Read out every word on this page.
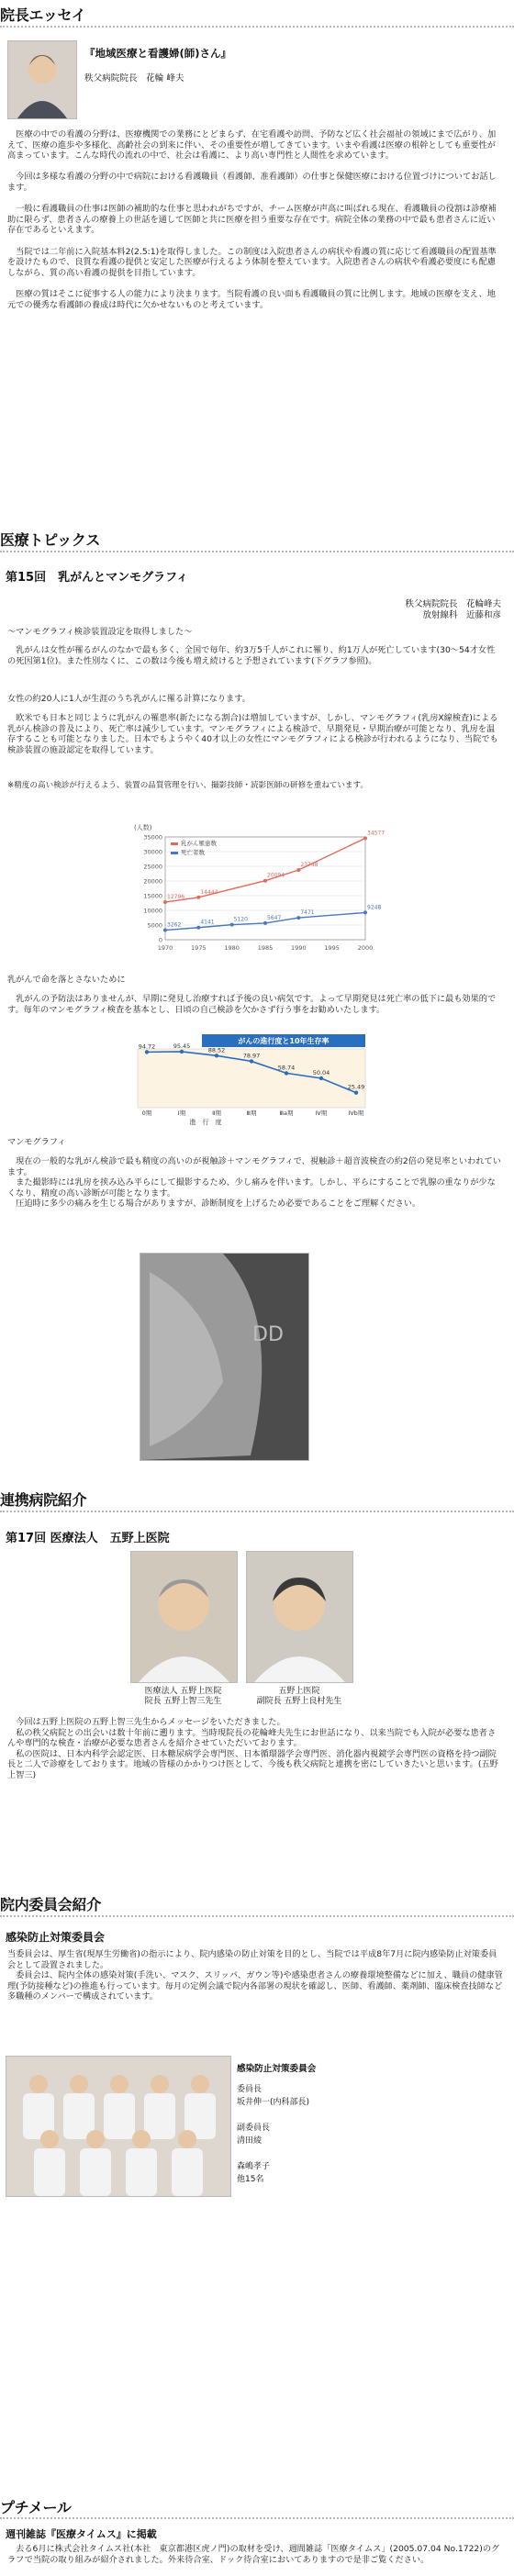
院長エッセイ
『地域医療と看護婦(師)さん』
秩父病院院長　花輪 峰夫
　医療の中での看護の分野は、医療機関での業務にとどまらず、在宅看護や訪問、予防など広く社会福祉の領域にまで広がり、加えて、医療の進歩や多様化、高齢社会の到来に伴い、その重要性が増してきています。いまや看護は医療の根幹としても重要性が高まっています。こんな時代の流れの中で、社会は看護に、より高い専門性と人間性を求めています。

　今回は多様な看護の分野の中で病院における看護職員（看護師、准看護師）の仕事と保健医療における位置づけについてお話します。

　一般に看護職員の仕事は医師の補助的な仕事と思われがちですが、チーム医療が声高に叫ばれる現在、看護職員の役割は診療補助に限らず、患者さんの療養上の世話を通して医師と共に医療を担う重要な存在です。病院全体の業務の中で最も患者さんに近い存在であるといえます。

　当院では二年前に入院基本料2(2.5:1)を取得しました。この制度は入院患者さんの病状や看護の質に応じて看護職員の配置基準を設けたもので、良質な看護の提供と安定した医療が行えるよう体制を整えています。入院患者さんの病状や看護必要度にも配慮しながら、質の高い看護の提供を目指しています。

　医療の質はそこに従事する人の能力により決まります。当院看護の良い面も看護職員の質に比例します。地域の医療を支え、地元での優秀な看護師の養成は時代に欠かせないものと考えています。
医療トピックス
第15回　乳がんとマンモグラフィ
秩父病院院長　花輪峰夫
放射線科　近藤和彦
～マンモグラフィ検診装置設定を取得しました～
　乳がんは女性が罹るがんのなかで最も多く、全国で毎年、約3万5千人がこれに罹り、約1万人が死亡しています(30～54才女性の死因第1位)。また性別なくに、この数は今後も増え続けると予想されています(下グラフ参照)。
女性の約20人に1人が生涯のうち乳がんに罹る計算になります。
　欧米でも日本と同じように乳がんの罹患率(新たになる割合)は増加していますが、しかし、マンモグラフィ(乳房X線検査)による乳がん検診の普及により、死亡率は減少しています。マンモグラフィによる検診で、早期発見・早期治療が可能となり、乳房を温存することも可能となりました。日本でもようやく40才以上の女性にマンモグラフィによる検診が行われるようになり、当院でも検診装置の施設認定を取得しています。
※精度の高い検診が行えるよう、装置の品質管理を行い、撮影技師・読影医師の研修を重ねています。
(人数)
0
5000
10000
15000
20000
25000
30000
35000
1970	1975	1980	1985	1990	1995	2000
12796
14444
20094
23748
34577
乳がん罹患数
3262	4141	5120	5647
7471
9248
死亡者数
乳がんで命を落とさないために
　乳がんの予防法はありませんが、早期に発見し治療すれば予後の良い病気です。よって早期発見は死亡率の低下に最も効果的です。毎年のマンモグラフィ検査を基本とし、日頃の自己検診を欠かさず行う事をお勧めいたします。
がんの進行度と10年生存率
94.72	95.45
88.52
78.97
58.74
50.04
25.49
0期	Ⅰ期	Ⅱ期	Ⅲ期	Ⅲa期	Ⅳ期	Ⅳb期
進　行　度
マンモグラフィ
　現在の一般的な乳がん検診で最も精度の高いのが視触診＋マンモグラフィで、視触診＋超音波検査の約2倍の発見率といわれています。
　また撮影時には乳房を挟み込み平らにして撮影するため、少し痛みを伴います。しかし、平らにすることで乳腺の重なりが少なくなり、精度の高い診断が可能となります。
　圧迫時に多少の痛みを生じる場合がありますが、診断制度を上げるため必要であることをご理解ください。
DD
連携病院紹介
第17回 医療法人　五野上医院
医療法人 五野上医院
院長 五野上智三先生
五野上医院
副院長 五野上良村先生
　今回は五野上医院の五野上智三先生からメッセージをいただきました。
　私の秩父病院との出会いは数十年前に遡ります。当時現院長の花輪峰夫先生にお世話になり、以来当院でも入院が必要な患者さんや専門的な検査・治療が必要な患者さんを紹介させていただいております。
　私の医院は、日本内科学会認定医、日本糖尿病学会専門医、日本循環器学会専門医、消化器内視鏡学会専門医の資格を持つ副院長と二人で診療をしております。地域の皆様のかかりつけ医として、今後も秩父病院と連携を密にしていきたいと思います。(五野上智三)
院内委員会紹介
感染防止対策委員会
当委員会は、厚生省(現厚生労働省)の指示により、院内感染の防止対策を目的とし、当院では平成8年7月に院内感染防止対策委員会として設置されました。
　委員会は、院内全体の感染対策(手洗い、マスク、スリッパ、ガウン等)や感染患者さんの療養環境整備などに加え、職員の健康管理(予防接種など)の推進も行っています。毎月の定例会議で院内各部署の現状を確認し、医師、看護師、薬剤師、臨床検査技師など多職種のメンバーで構成されています。
感染防止対策委員会
委員長
坂井伸一(内科部長)

副委員長
清田綾

森嶋孝子
他15名
プチメール
週刊雑誌『医療タイムス』に掲載
　去る6月に株式会社タイムス社(本社　東京都港区虎ノ門)の取材を受け、週間雑誌「医療タイムス」(2005.07.04 No.1722)のグラフで当院の取り組みが紹介されました。外来待合室、ドック待合室においてありますので是非ご覧ください。
